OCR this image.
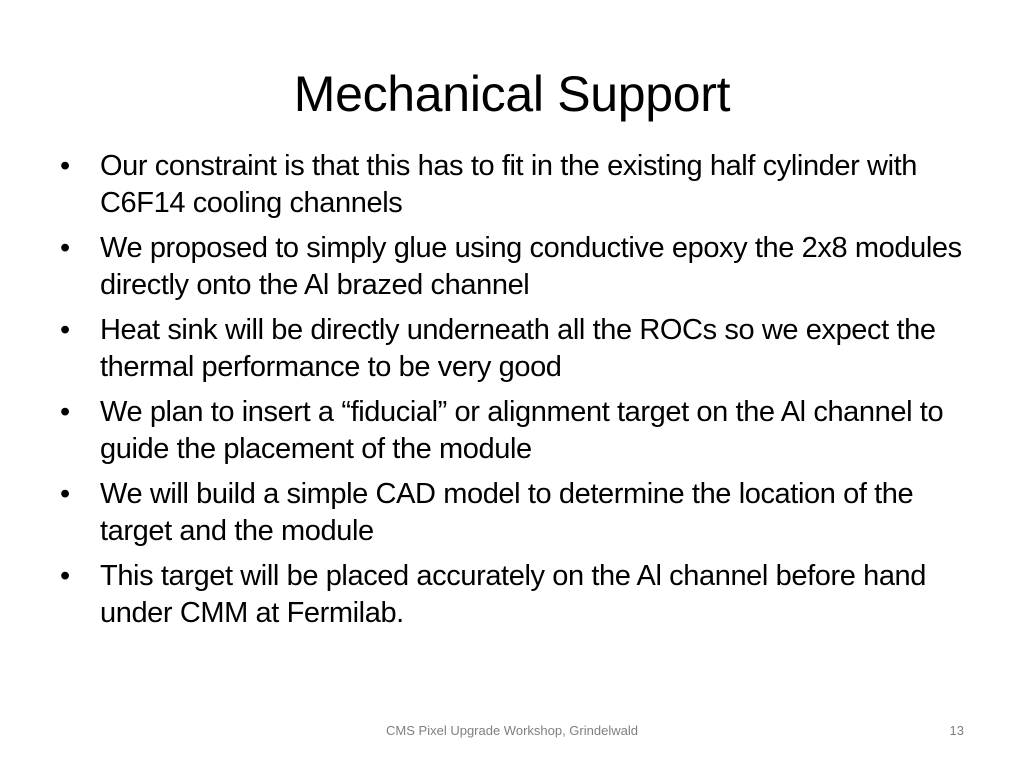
Mechanical Support
•	Our constraint is that this has to fit in the existing half cylinder with C6F14 cooling channels
•	We proposed to simply glue using conductive epoxy the 2x8 modules directly onto the Al brazed channel
•	Heat sink will be directly underneath all the ROCs so we expect the thermal performance to be very good
•	We plan to insert a “fiducial” or alignment target on the Al channel to guide the placement of the module
•	We will build a simple CAD model to determine the location of the target and the module
•	This target will be placed accurately on the Al channel before hand under CMM at Fermilab.
CMS Pixel Upgrade Workshop, Grindelwald	13
